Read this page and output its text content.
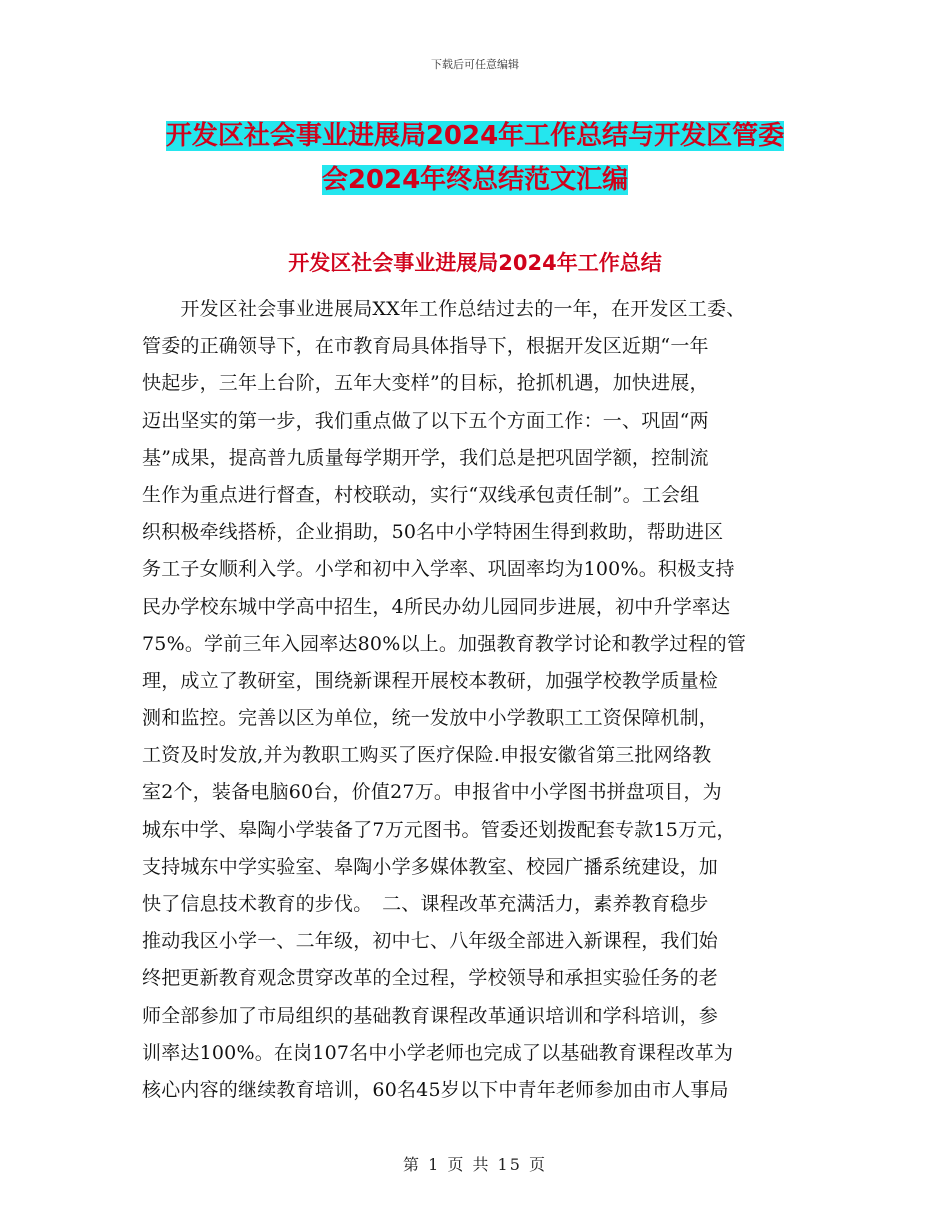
下载后可任意编辑
开发区社会事业进展局2024年工作总结与开发区管委
会2024年终总结范文汇编
开发区社会事业进展局2024年工作总结
　　开发区社会事业进展局XX年工作总结过去的一年，在开发区工委、
管委的正确领导下，在市教育局具体指导下，根据开发区近期“一年
快起步，三年上台阶，五年大变样”的目标，抢抓机遇，加快进展，
迈出坚实的第一步，我们重点做了以下五个方面工作：一、巩固“两
基”成果，提高普九质量每学期开学，我们总是把巩固学额，控制流
生作为重点进行督查，村校联动，实行“双线承包责任制”。工会组
织积极牵线搭桥，企业捐助，50名中小学特困生得到救助，帮助进区
务工子女顺利入学。小学和初中入学率、巩固率均为100%。积极支持
民办学校东城中学高中招生，4所民办幼儿园同步进展，初中升学率达
75%。学前三年入园率达80%以上。加强教育教学讨论和教学过程的管
理，成立了教研室，围绕新课程开展校本教研，加强学校教学质量检
测和监控。完善以区为单位，统一发放中小学教职工工资保障机制，
工资及时发放,并为教职工购买了医疗保险.申报安徽省第三批网络教
室2个，装备电脑60台，价值27万。申报省中小学图书拼盘项目，为
城东中学、皋陶小学装备了7万元图书。管委还划拨配套专款15万元，
支持城东中学实验室、皋陶小学多媒体教室、校园广播系统建设，加
快了信息技术教育的步伐。　二、课程改革充满活力，素养教育稳步
推动我区小学一、二年级，初中七、八年级全部进入新课程，我们始
终把更新教育观念贯穿改革的全过程，学校领导和承担实验任务的老
师全部参加了市局组织的基础教育课程改革通识培训和学科培训，参
训率达100%。在岗107名中小学老师也完成了以基础教育课程改革为
核心内容的继续教育培训，60名45岁以下中青年老师参加由市人事局
第 1 页 共 15 页
